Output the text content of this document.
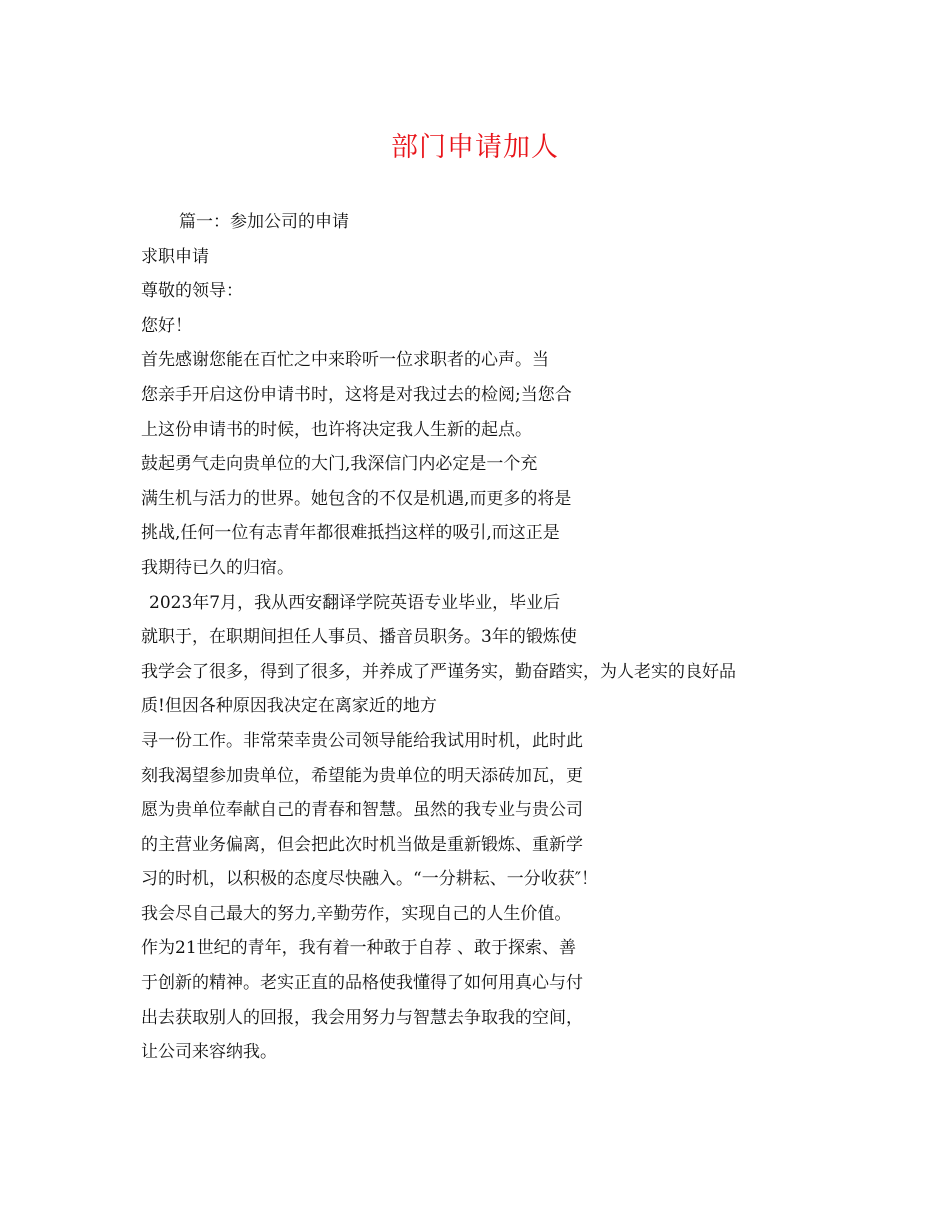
部门申请加人
篇一：参加公司的申请
求职申请
尊敬的领导：
您好！
首先感谢您能在百忙之中来聆听一位求职者的心声。当
您亲手开启这份申请书时，这将是对我过去的检阅;当您合
上这份申请书的时候，也许将决定我人生新的起点。
鼓起勇气走向贵单位的大门,我深信门内必定是一个充
满生机与活力的世界。她包含的不仅是机遇,而更多的将是
挑战,任何一位有志青年都很难抵挡这样的吸引,而这正是
我期待已久的归宿。
2023年7月，我从西安翻译学院英语专业毕业，毕业后
就职于，在职期间担任人事员、播音员职务。3年的锻炼使
我学会了很多，得到了很多，并养成了严谨务实，勤奋踏实，为人老实的良好品
质!但因各种原因我决定在离家近的地方
寻一份工作。非常荣幸贵公司领导能给我试用时机，此时此
刻我渴望参加贵单位，希望能为贵单位的明天添砖加瓦，更
愿为贵单位奉献自己的青春和智慧。虽然的我专业与贵公司
的主营业务偏离，但会把此次时机当做是重新锻炼、重新学
习的时机，以积极的态度尽快融入。“一分耕耘、一分收获″！
我会尽自己最大的努力,辛勤劳作，实现自己的人生价值。
作为21世纪的青年，我有着一种敢于自荐 、敢于探索、善
于创新的精神。老实正直的品格使我懂得了如何用真心与付
出去获取别人的回报，我会用努力与智慧去争取我的空间，
让公司来容纳我。
